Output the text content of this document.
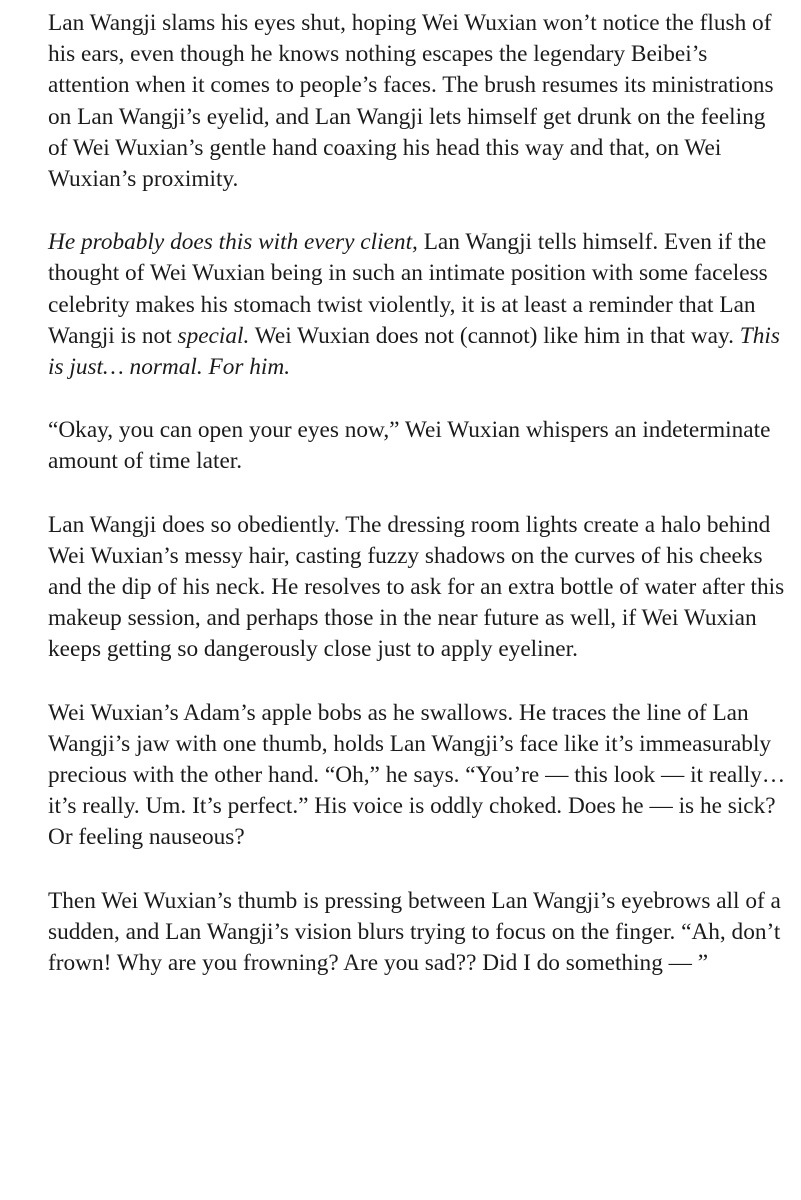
Lan Wangji slams his eyes shut, hoping Wei Wuxian won’t notice the flush of his ears, even though he knows nothing escapes the legendary Beibei’s attention when it comes to people’s faces. The brush resumes its ministrations on Lan Wangji’s eyelid, and Lan Wangji lets himself get drunk on the feeling of Wei Wuxian’s gentle hand coaxing his head this way and that, on Wei Wuxian’s proximity.

He probably does this with every client, Lan Wangji tells himself. Even if the thought of Wei Wuxian being in such an intimate position with some faceless celebrity makes his stomach twist violently, it is at least a reminder that Lan Wangji is not special. Wei Wuxian does not (cannot) like him in that way. This is just… normal. For him.

“Okay, you can open your eyes now,” Wei Wuxian whispers an indeterminate amount of time later.

Lan Wangji does so obediently. The dressing room lights create a halo behind Wei Wuxian’s messy hair, casting fuzzy shadows on the curves of his cheeks and the dip of his neck. He resolves to ask for an extra bottle of water after this makeup session, and perhaps those in the near future as well, if Wei Wuxian keeps getting so dangerously close just to apply eyeliner.

Wei Wuxian’s Adam’s apple bobs as he swallows. He traces the line of Lan Wangji’s jaw with one thumb, holds Lan Wangji’s face like it’s immeasurably precious with the other hand. “Oh,” he says. “You’re — this look — it really… it’s really. Um. It’s perfect.” His voice is oddly choked. Does he — is he sick? Or feeling nauseous?

Then Wei Wuxian’s thumb is pressing between Lan Wangji’s eyebrows all of a sudden, and Lan Wangji’s vision blurs trying to focus on the finger. “Ah, don’t frown! Why are you frowning? Are you sad?? Did I do something — ”
